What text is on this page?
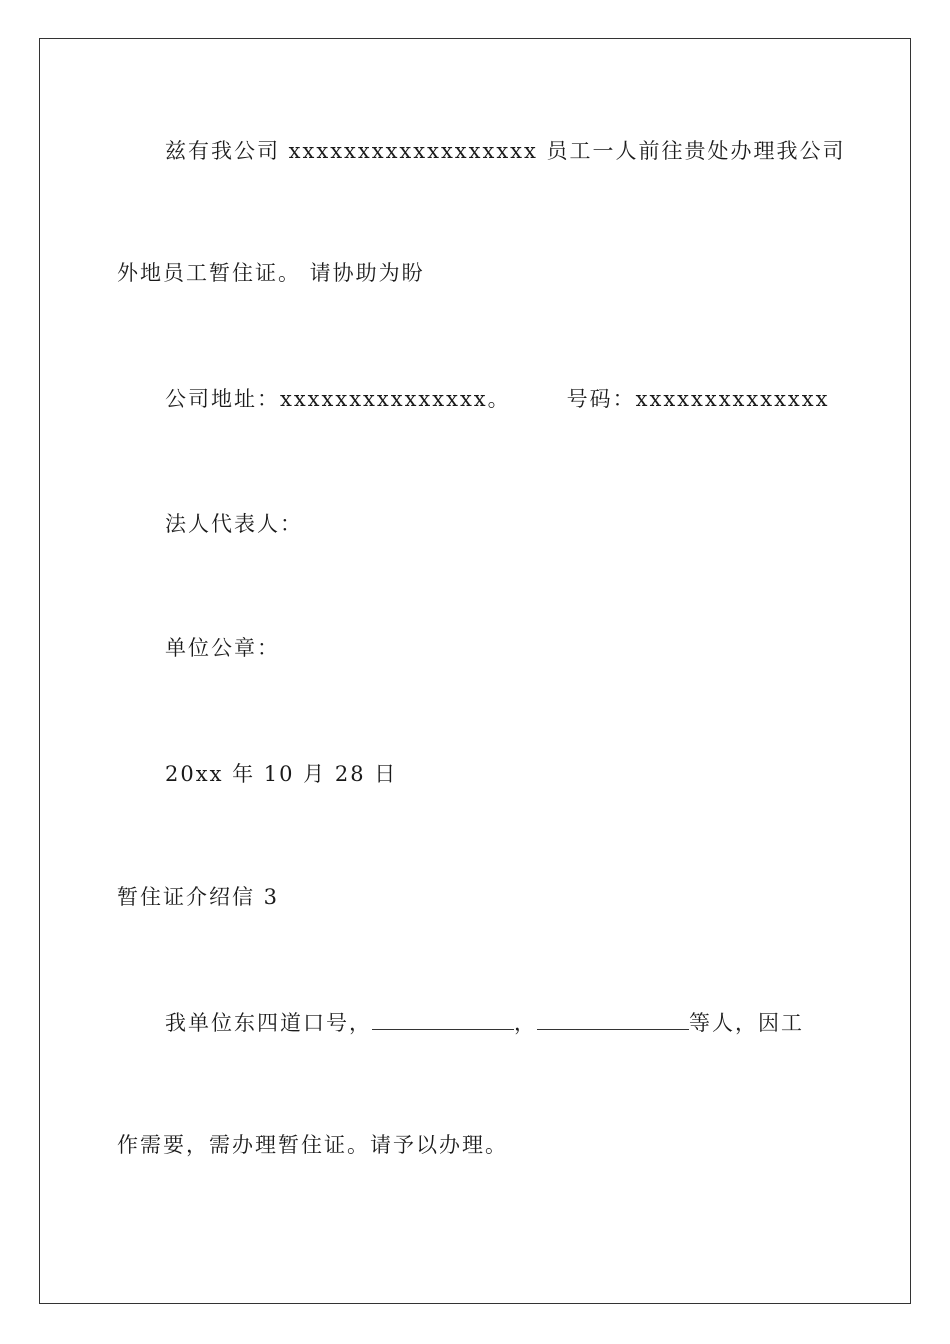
兹有我公司 xxxxxxxxxxxxxxxxxx 员工一人前往贵处办理我公司
外地员工暂住证。 请协助为盼
公司地址：xxxxxxxxxxxxxxx。	号码：xxxxxxxxxxxxxx
法人代表人：
单位公章：
20xx 年 10 月 28 日
暂住证介绍信 3
我单位东四道口号，	，	等人，因工
作需要，需办理暂住证。请予以办理。
